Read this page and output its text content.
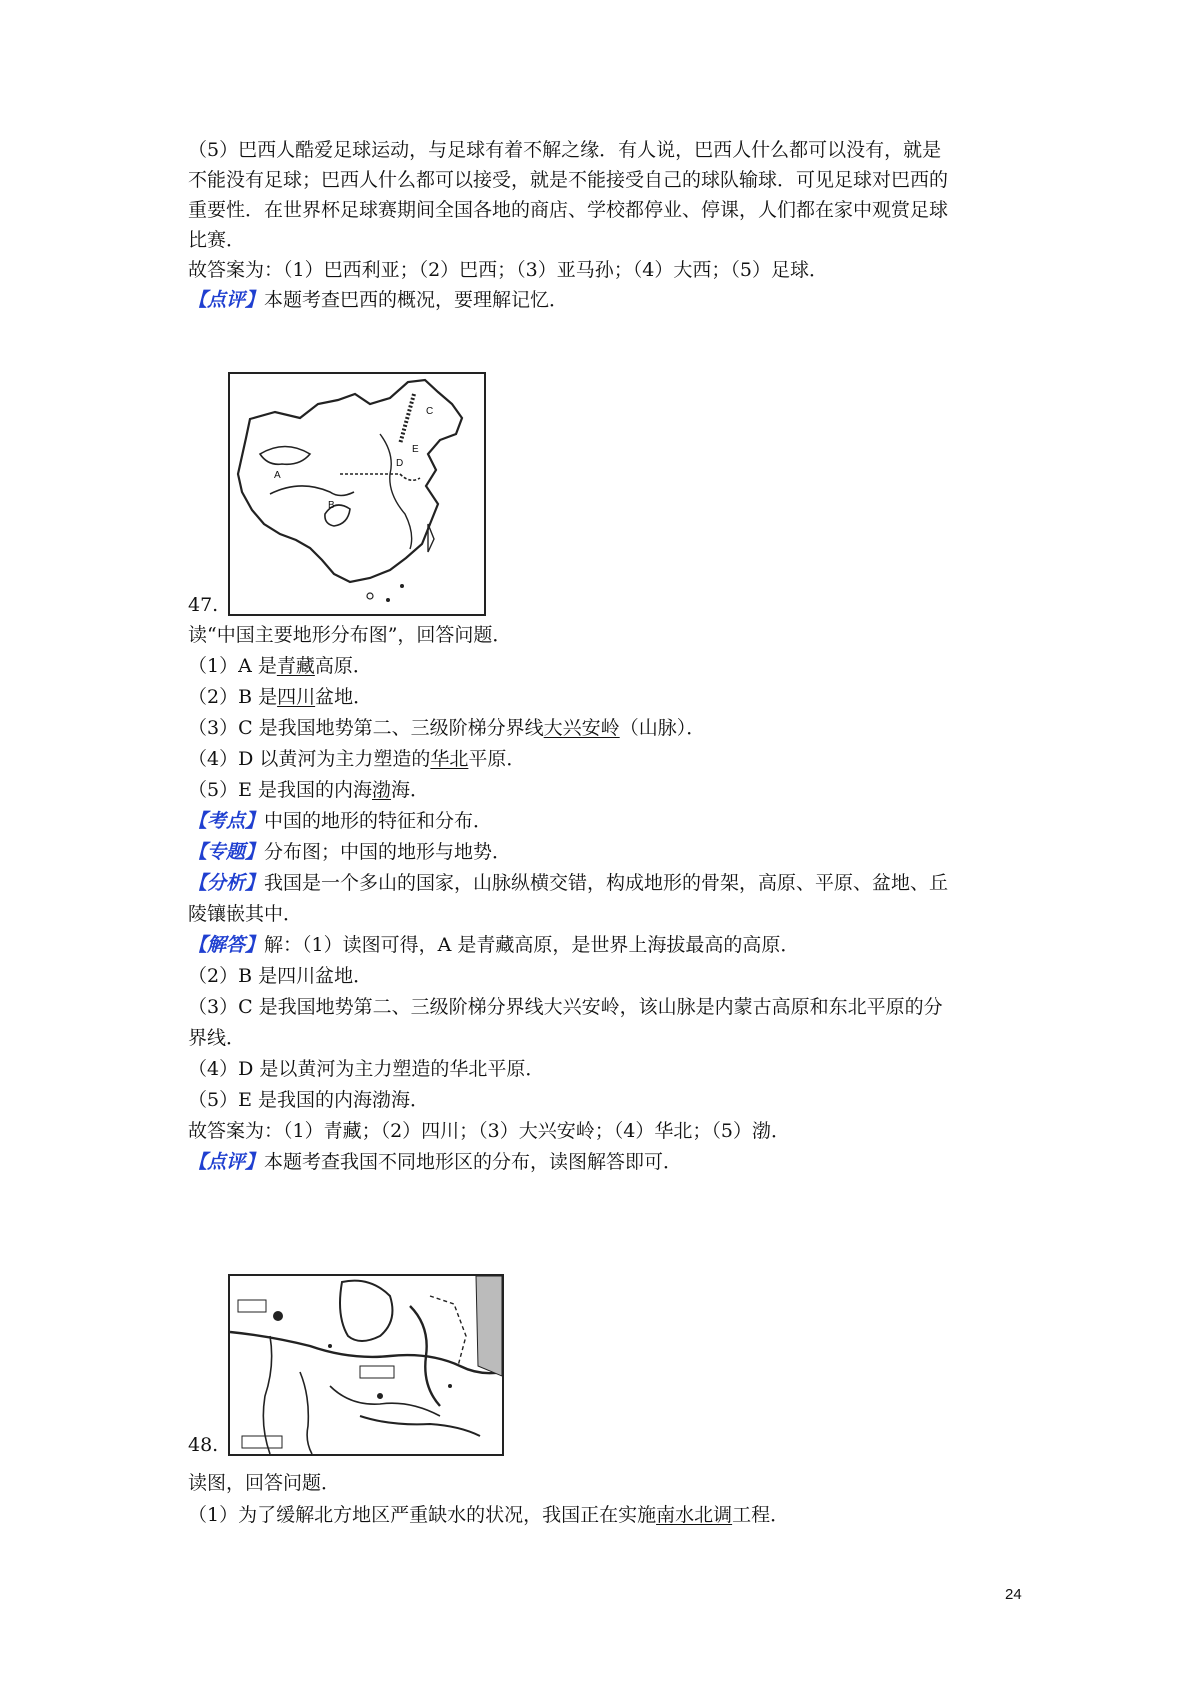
（5）巴西人酷爱足球运动，与足球有着不解之缘．有人说，巴西人什么都可以没有，就是
不能没有足球；巴西人什么都可以接受，就是不能接受自己的球队输球．可见足球对巴西的
重要性．在世界杯足球赛期间全国各地的商店、学校都停业、停课，人们都在家中观赏足球
比赛．
故答案为：（1）巴西利亚；（2）巴西；（3）亚马孙；（4）大西；（5）足球．
【点评】本题考查巴西的概况，要理解记忆．
C
A
B
D
E
47.
读“中国主要地形分布图”，回答问题．
（1）A 是青藏高原．
（2）B 是四川盆地．
（3）C 是我国地势第二、三级阶梯分界线大兴安岭（山脉）．
（4）D 以黄河为主力塑造的华北平原．
（5）E 是我国的内海渤海．
【考点】中国的地形的特征和分布．
【专题】分布图；中国的地形与地势．
【分析】我国是一个多山的国家，山脉纵横交错，构成地形的骨架，高原、平原、盆地、丘
陵镶嵌其中．
【解答】解：（1）读图可得，A 是青藏高原，是世界上海拔最高的高原．
（2）B 是四川盆地．
（3）C 是我国地势第二、三级阶梯分界线大兴安岭，该山脉是内蒙古高原和东北平原的分
界线．
（4）D 是以黄河为主力塑造的华北平原．
（5）E 是我国的内海渤海．
故答案为：（1）青藏；（2）四川；（3）大兴安岭；（4）华北；（5）渤．
【点评】本题考查我国不同地形区的分布，读图解答即可．
48.
读图，回答问题．
（1）为了缓解北方地区严重缺水的状况，我国正在实施南水北调工程．
24
